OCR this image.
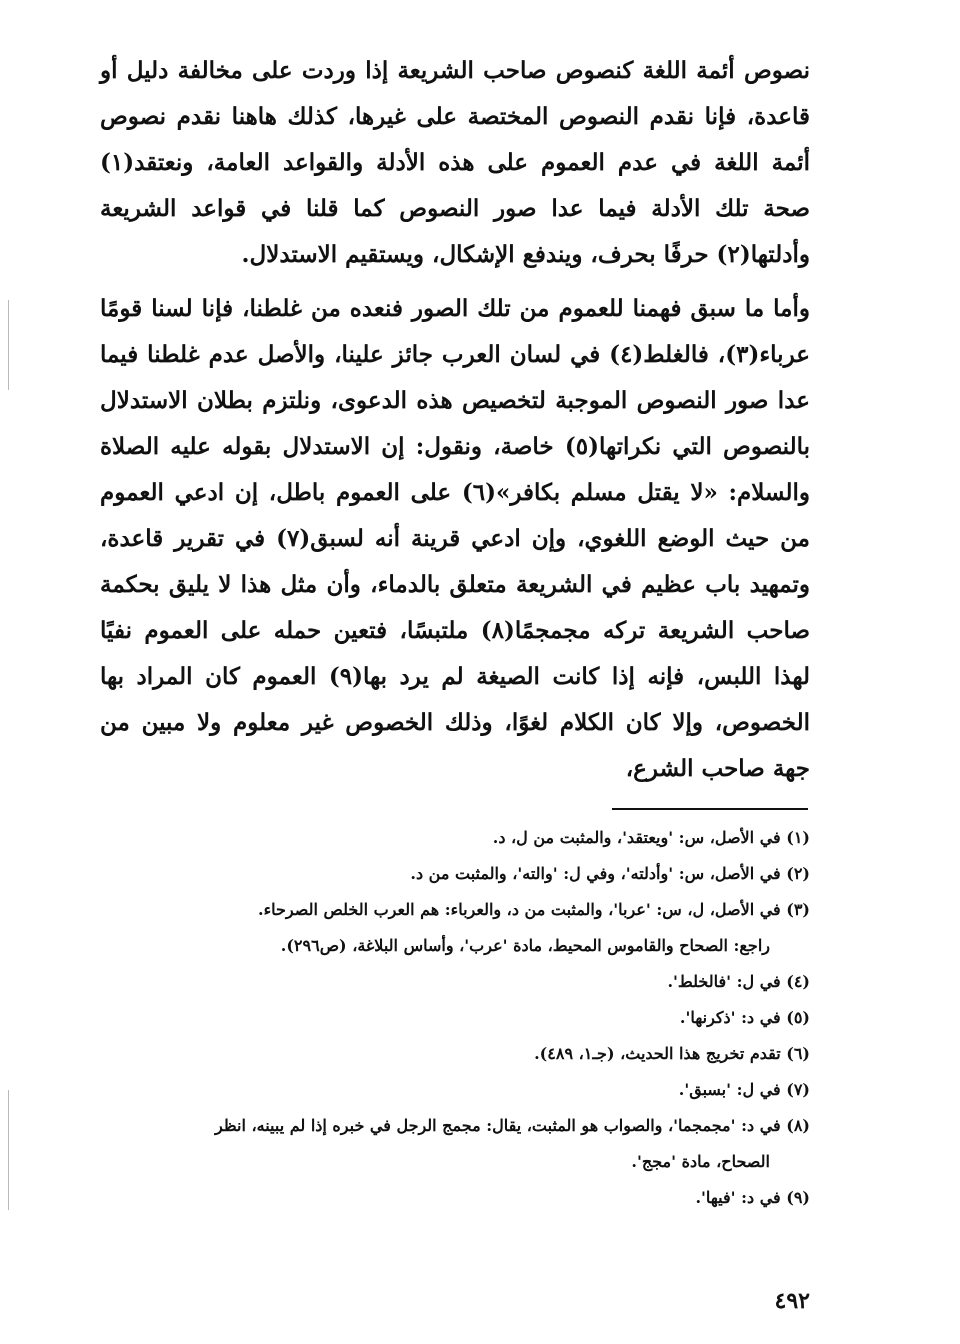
نصوص أئمة اللغة كنصوص صاحب الشريعة إذا وردت على مخالفة دليل أو قاعدة، فإنا نقدم النصوص المختصة على غيرها، كذلك هاهنا نقدم نصوص أئمة اللغة في عدم العموم على هذه الأدلة والقواعد العامة، ونعتقد(١) صحة تلك الأدلة فيما عدا صور النصوص كما قلنا في قواعد الشريعة وأدلتها(٢) حرفًا بحرف، ويندفع الإشكال، ويستقيم الاستدلال.

وأما ما سبق فهمنا للعموم من تلك الصور فنعده من غلطنا، فإنا لسنا قومًا عرباء(٣)، فالغلط(٤) في لسان العرب جائز علينا، والأصل عدم غلطنا فيما عدا صور النصوص الموجبة لتخصيص هذه الدعوى، ونلتزم بطلان الاستدلال بالنصوص التي نكراتها(٥) خاصة، ونقول: إن الاستدلال بقوله عليه الصلاة والسلام: «لا يقتل مسلم بكافر»(٦) على العموم باطل، إن ادعي العموم من حيث الوضع اللغوي، وإن ادعي قرينة أنه لسبق(٧) في تقرير قاعدة، وتمهيد باب عظيم في الشريعة متعلق بالدماء، وأن مثل هذا لا يليق بحكمة صاحب الشريعة تركه مجمجمًا(٨) ملتبسًا، فتعين حمله على العموم نفيًا لهذا اللبس، فإنه إذا كانت الصيغة لم يرد بها(٩) العموم كان المراد بها الخصوص، وإلا كان الكلام لغوًا، وذلك الخصوص غير معلوم ولا مبين من جهة صاحب الشرع،

(١) في الأصل، س: 'ويعتقد'، والمثبت من ل، د.
(٢) في الأصل، س: 'وأدلته'، وفي ل: 'والته'، والمثبت من د.
(٣) في الأصل، ل، س: 'عربا'، والمثبت من د، والعرباء: هم العرب الخلص الصرحاء.
راجع: الصحاح والقاموس المحيط، مادة 'عرب'، وأساس البلاغة، (ص٢٩٦).
(٤) في ل: 'فالخلط'.
(٥) في د: 'ذكرنها'.
(٦) تقدم تخريج هذا الحديث، (جـ١، ٤٨٩).
(٧) في ل: 'بسبق'.
(٨) في د: 'مجمجما'، والصواب هو المثبت، يقال: مجمج الرجل في خبره إذا لم يبينه، انظر
الصحاح، مادة 'مجج'.
(٩) في د: 'فيها'.
٤٩٢
